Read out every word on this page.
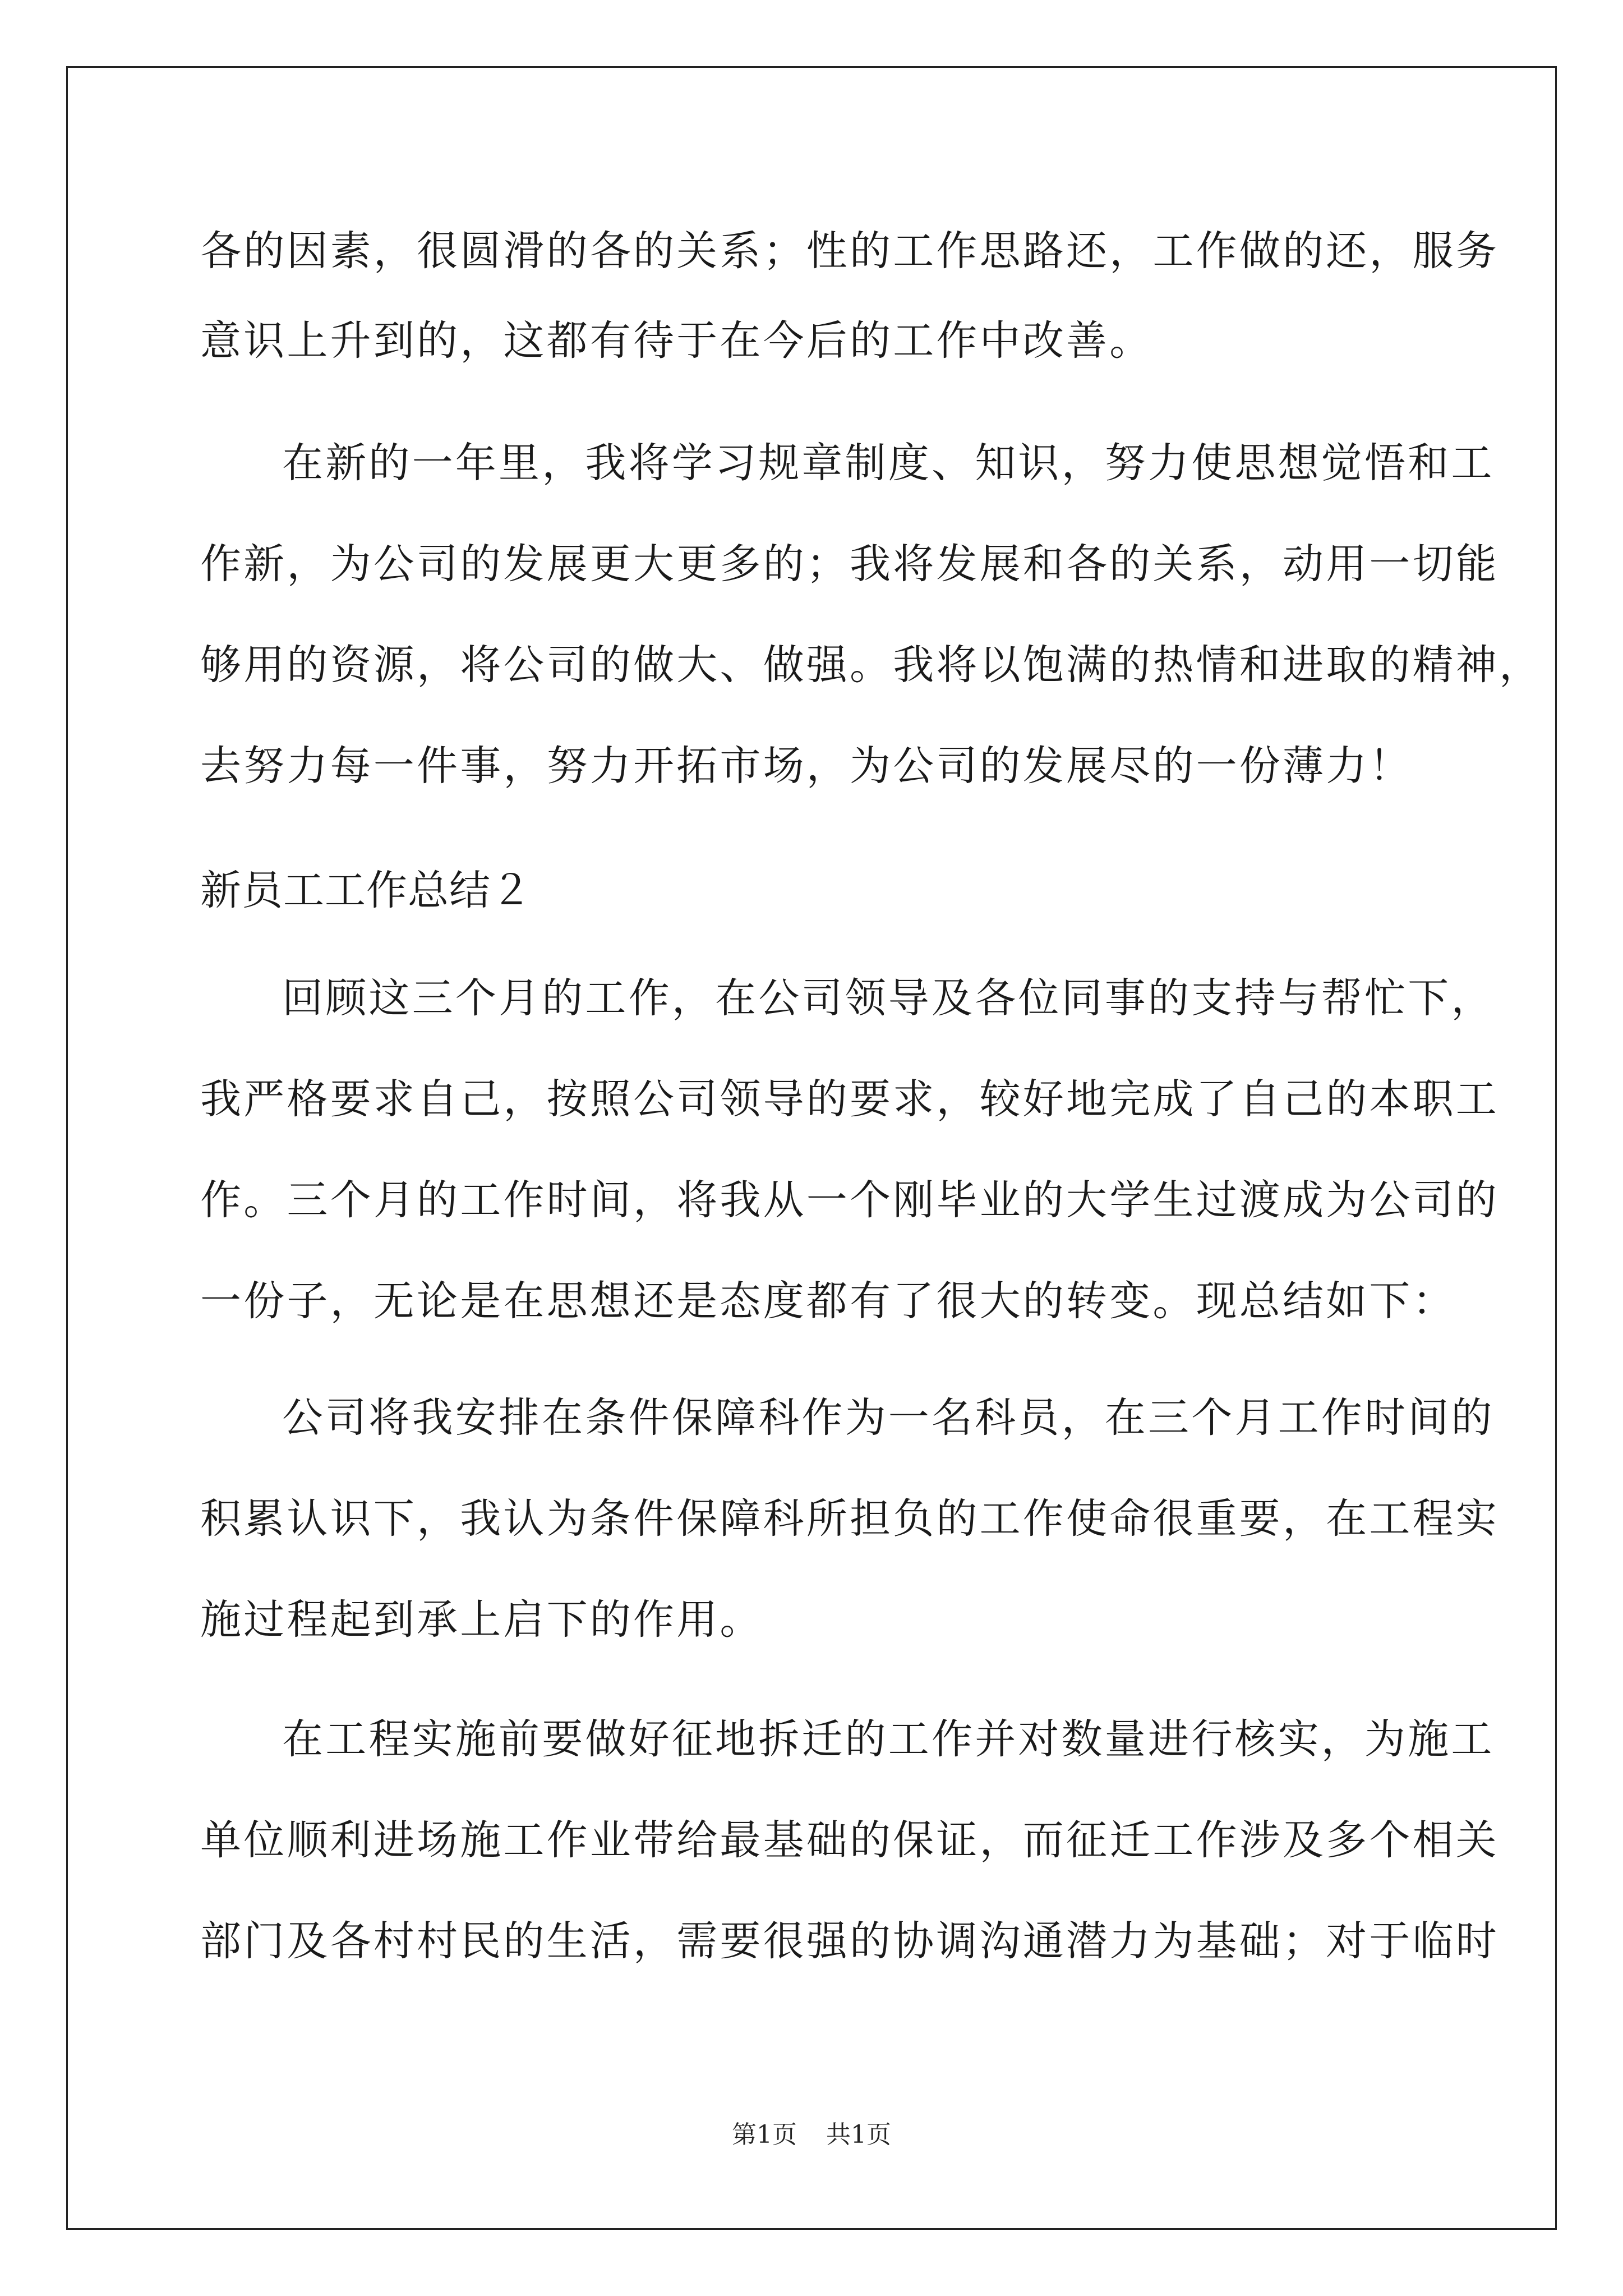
各的因素，很圆滑的各的关系；性的工作思路还，工作做的还，服务
意识上升到的，这都有待于在今后的工作中改善。
在新的一年里，我将学习规章制度、知识，努力使思想觉悟和工
作新，为公司的发展更大更多的；我将发展和各的关系，动用一切能
够用的资源，将公司的做大、做强。我将以饱满的热情和进取的精神，
去努力每一件事，努力开拓市场，为公司的发展尽的一份薄力！
新员工工作总结２
回顾这三个月的工作，在公司领导及各位同事的支持与帮忙下，
我严格要求自己，按照公司领导的要求，较好地完成了自己的本职工
作。三个月的工作时间，将我从一个刚毕业的大学生过渡成为公司的
一份子，无论是在思想还是态度都有了很大的转变。现总结如下：
公司将我安排在条件保障科作为一名科员，在三个月工作时间的
积累认识下，我认为条件保障科所担负的工作使命很重要，在工程实
施过程起到承上启下的作用。
在工程实施前要做好征地拆迁的工作并对数量进行核实，为施工
单位顺利进场施工作业带给最基础的保证，而征迁工作涉及多个相关
部门及各村村民的生活，需要很强的协调沟通潜力为基础；对于临时
第1页 共1页
